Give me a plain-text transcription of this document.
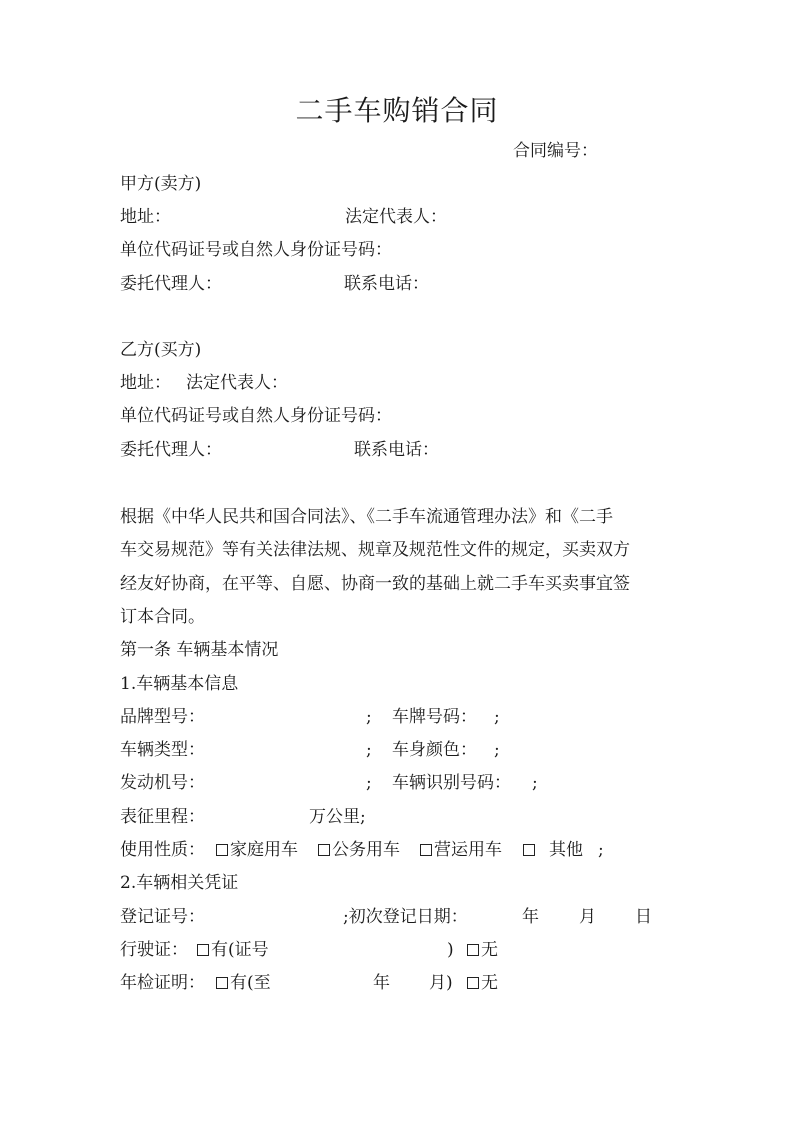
二手车购销合同
合同编号：
甲方(卖方)
地址：	法定代表人：
单位代码证号或自然人身份证号码：
委托代理人：	联系电话：
乙方(买方)
地址： 法定代表人：
单位代码证号或自然人身份证号码：
委托代理人：	联系电话：
根据《中华人民共和国合同法》、《二手车流通管理办法》和《二手
车交易规范》等有关法律法规、规章及规范性文件的规定，买卖双方
经友好协商，在平等、自愿、协商一致的基础上就二手车买卖事宜签
订本合同。
第一条 车辆基本情况
1.车辆基本信息
品牌型号：	; 车牌号码： ;
车辆类型：	; 车身颜色： ;
发动机号：	; 车辆识别号码： ;
表征里程：	万公里;
使用性质：	家庭用车	公务用车	营运用车	其他 ;
2.车辆相关凭证
登记证号：	;初次登记日期：	年 月 日
行驶证：	有(证号	)	无
年检证明：	有(至	年 月)	无
